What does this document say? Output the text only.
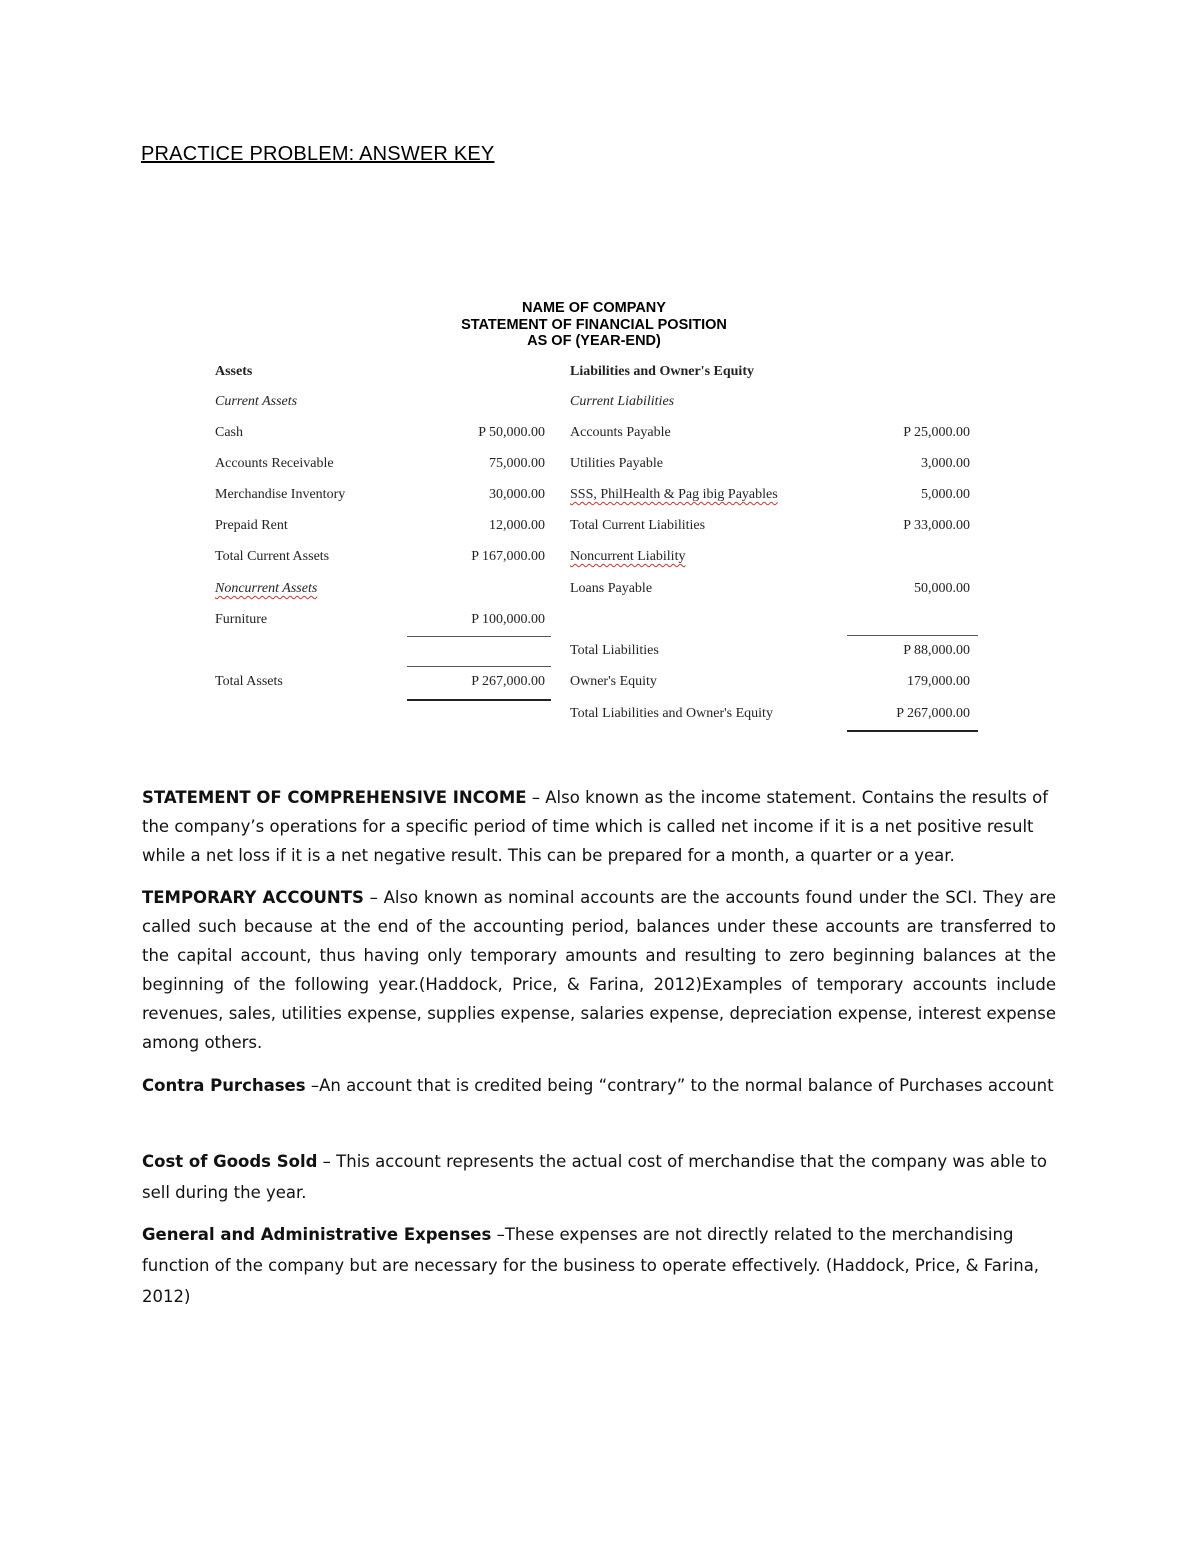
PRACTICE PROBLEM: ANSWER KEY
NAME OF COMPANY
STATEMENT OF FINANCIAL POSITION
AS OF (YEAR-END)
Assets
Current Assets
Cash	P 50,000.00
Accounts Receivable	75,000.00
Merchandise Inventory	30,000.00
Prepaid Rent	12,000.00
Total Current Assets	P 167,000.00
Noncurrent Assets
Furniture	P 100,000.00
Total Assets	P 267,000.00
Liabilities and Owner's Equity
Current Liabilities
Accounts Payable	P 25,000.00
Utilities Payable	3,000.00
SSS, PhilHealth & Pag ibig Payables	5,000.00
Total Current Liabilities	P 33,000.00
Noncurrent Liability
Loans Payable	50,000.00
Total Liabilities	P 88,000.00
Owner's Equity	179,000.00
Total Liabilities and Owner's Equity	P 267,000.00

STATEMENT OF COMPREHENSIVE INCOME – Also known as the income statement. Contains the results of the company’s operations for a specific period of time which is called net income if it is a net positive result while a net loss if it is a net negative result. This can be prepared for a month, a quarter or a year.

TEMPORARY ACCOUNTS – Also known as nominal accounts are the accounts found under the SCI. They are called such because at the end of the accounting period, balances under these accounts are transferred to the capital account, thus having only temporary amounts and resulting to zero beginning balances at the beginning of the following year.(Haddock, Price, & Farina, 2012)Examples of temporary accounts include revenues, sales, utilities expense, supplies expense, salaries expense, depreciation expense, interest expense among others.

Contra Purchases –An account that is credited being “contrary” to the normal balance of Purchases account

Cost of Goods Sold – This account represents the actual cost of merchandise that the company was able to sell during the year.

General and Administrative Expenses –These expenses are not directly related to the merchandising function of the company but are necessary for the business to operate effectively. (Haddock, Price, & Farina, 2012)
